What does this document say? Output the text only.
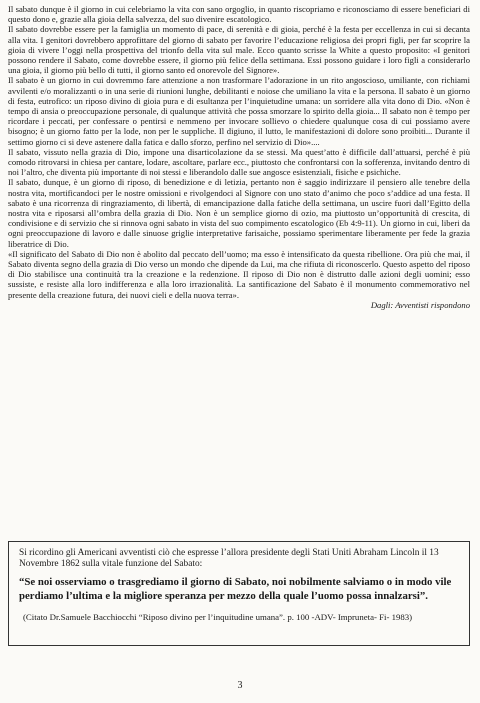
Il sabato dunque è il giorno in cui celebriamo la vita con sano orgoglio, in quanto riscopriamo e riconosciamo di essere beneficiari di questo dono e, grazie alla gioia della salvezza, del suo divenire escatologico.

Il sabato dovrebbe essere per la famiglia un momento di pace, di serenità e di gioia, perché è la festa per eccellenza in cui si decanta alla vita. I genitori dovrebbero approfittare del giorno di sabato per favorire l’educazione religiosa dei propri figli, per far scoprire la gioia di vivere l’oggi nella prospettiva del trionfo della vita sul male. Ecco quanto scrisse la White a questo proposito: «I genitori possono rendere il Sabato, come dovrebbe essere, il giorno più felice della settimana. Essi possono guidare i loro figli a considerarlo una gioia, il giorno più bello di tutti, il giorno santo ed onorevole del Signore».

Il sabato è un giorno in cui dovremmo fare attenzione a non trasformare l’adorazione in un rito angoscioso, umiliante, con richiami avvilenti e/o moralizzanti o in una serie di riunioni lunghe, debilitanti e noiose che umiliano la vita e la persona. Il sabato è un giorno di festa, eutrofico: un riposo divino di gioia pura e di esultanza per l’inquietudine umana: un sorridere alla vita dono di Dio. «Non è tempo di ansia o preoccupazione personale, di qualunque attività che possa smorzare lo spirito della gioia... Il sabato non è tempo per ricordare i peccati, per confessare o pentirsi e nemmeno per invocare sollievo o chiedere qualunque cosa di cui possiamo avere bisogno; è un giorno fatto per la lode, non per le suppliche. Il digiuno, il lutto, le manifestazioni di dolore sono proibiti... Durante il settimo giorno ci si deve astenere dalla fatica e dallo sforzo, perfino nel servizio di Dio»....

Il sabato, vissuto nella grazia di Dio, impone una disarticolazione da se stessi. Ma quest’atto è difficile dall’attuarsi, perché è più comodo ritrovarsi in chiesa per cantare, lodare, ascoltare, parlare ecc., piuttosto che confrontarsi con la sofferenza, invitando dentro di noi l’altro, che diventa più importante di noi stessi e liberandolo dalle sue angosce esistenziali, fisiche e psichiche.

Il sabato, dunque, è un giorno di riposo, di benedizione e di letizia, pertanto non è saggio indirizzare il pensiero alle tenebre della nostra vita, mortificandoci per le nostre omissioni e rivolgendoci al Signore con uno stato d’animo che poco s’addice ad una festa. Il sabato è una ricorrenza di ringraziamento, di libertà, di emancipazione dalla fatiche della settimana, un uscire fuori dall’Egitto della nostra vita e riposarsi all’ombra della grazia di Dio. Non è un semplice giorno di ozio, ma piuttosto un’opportunità di crescita, di condivisione e di servizio che si rinnova ogni sabato in vista del suo compimento escatologico (Eb 4:9-11). Un giorno in cui, liberi da ogni preoccupazione di lavoro e dalle sinuose griglie interpretative farisaiche, possiamo sperimentare liberamente per fede la grazia liberatrice di Dio.

«Il significato del Sabato di Dio non è abolito dal peccato dell’uomo; ma esso è intensificato da questa ribellione. Ora più che mai, il Sabato diventa segno della grazia di Dio verso un mondo che dipende da Lui, ma che rifiuta di riconoscerlo. Questo aspetto del riposo di Dio stabilisce una continuità tra la creazione e la redenzione. Il riposo di Dio non è distrutto dalle azioni degli uomini; esso sussiste, e resiste alla loro indifferenza e alla loro irrazionalità. La santificazione del Sabato è il monumento commemorativo nel presente della creazione futura, dei nuovi cieli e della nuova terra».

Dagli: Avventisti rispondono

Si ricordino gli Americani avventisti ciò che espresse l’allora presidente degli Stati Uniti Abraham Lincoln il 13 Novembre 1862 sulla vitale funzione del Sabato:

“Se noi osserviamo o trasgrediamo il giorno di Sabato, noi nobilmente salviamo o in modo vile perdiamo l’ultima e la migliore speranza per mezzo della quale l’uomo possa innalzarsi”.

(Citato Dr.Samuele Bacchiocchi “Riposo divino per l’inquitudine umana”. p. 100 -ADV- Impruneta- Fi- 1983)

3
